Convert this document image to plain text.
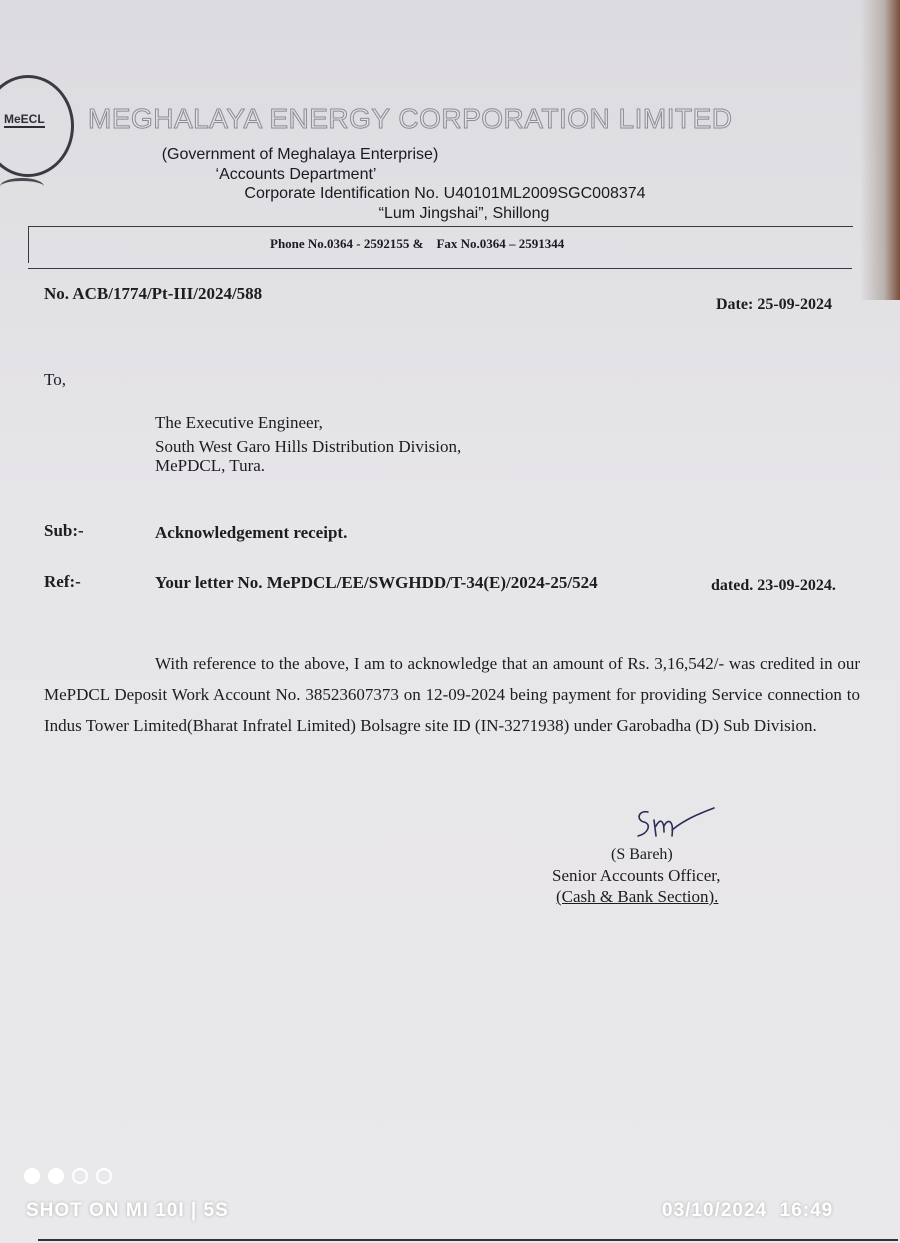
MeECL MEGHALAYA ENERGY CORPORATION LIMITED
(Government of Meghalaya Enterprise)
‘Accounts Department’
Corporate Identification No. U40101ML2009SGC008374
“Lum Jingshai”, Shillong
Phone No.0364 - 2592155 & Fax No.0364 – 2591344
No. ACB/1774/Pt-III/2024/588
Date: 25-09-2024
To,
The Executive Engineer,
South West Garo Hills Distribution Division,
MePDCL, Tura.
Sub:-	Acknowledgement receipt.
Ref:-	Your letter No. MePDCL/EE/SWGHDD/T-34(E)/2024-25/524	dated. 23-09-2024.
With reference to the above, I am to acknowledge that an amount of Rs. 3,16,542/- was credited in our MePDCL Deposit Work Account No. 38523607373 on 12-09-2024 being payment for providing Service connection to Indus Tower Limited(Bharat Infratel Limited) Bolsagre site ID (IN-3271938) under Garobadha (D) Sub Division.
(S Bareh)
Senior Accounts Officer,
(Cash & Bank Section).
SHOT ON MI 10I | 5S	03/10/2024  16:49
